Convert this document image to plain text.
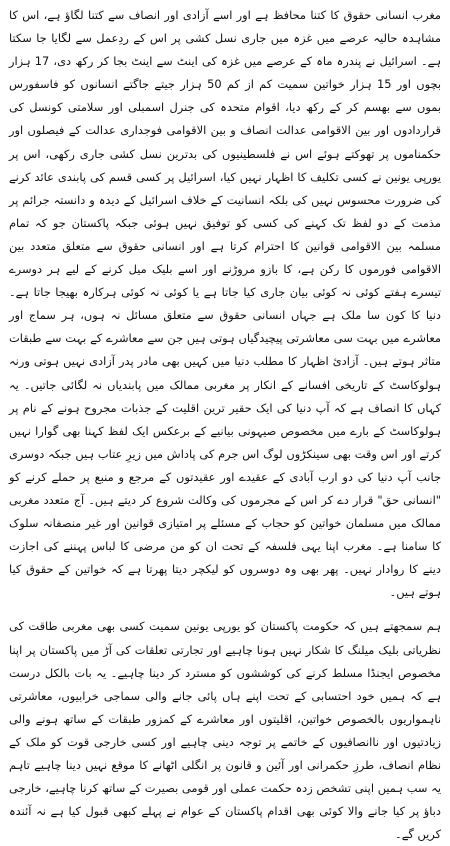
مغرب انسانی حقوق کا کتنا محافظ ہے اور اسے آزادی اور انصاف سے کتنا لگاؤ ہے، اس کا مشاہدہ حالیہ عرصے میں غزہ میں جاری نسل کشی پر اس کے ردِعمل سے لگایا جا سکتا ہے۔ اسرائیل نے پندرہ ماہ کے عرصے میں غزہ کی اینٹ سے اینٹ بجا کر رکھ دی، 17 ہزار بچوں اور 15 ہزار خواتین سمیت کم از کم 50 ہزار جیتے جاگتے انسانوں کو فاسفورس بموں سے بھسم کر کے رکھ دیا، اقوام متحدہ کی جنرل اسمبلی اور سلامتی کونسل کی قراردادوں اور بین الاقوامی عدالت انصاف و بین الاقوامی فوجداری عدالت کے فیصلوں اور حکمناموں پر تھوکتے ہوئے اس نے فلسطینیوں کی بدترین نسل کشی جاری رکھی، اس پر یورپی یونین نے کسی تکلیف کا اظہار نہیں کیا، اسرائیل پر کسی قسم کی پابندی عائد کرنے کی ضرورت محسوس نہیں کی بلکہ انسانیت کے خلاف اسرائیل کے دیدہ و دانستہ جرائم پر مذمت کے دو لفظ تک کہنے کی کسی کو توفیق نہیں ہوئی جبکہ پاکستان جو کہ تمام مسلمہ بین الاقوامی قوانین کا احترام کرتا ہے اور انسانی حقوق سے متعلق متعدد بین الاقوامی فورموں کا رکن ہے، کا بازو مروڑنے اور اسے بلیک میل کرنے کے لیے ہر دوسرے تیسرے ہفتے کوئی نہ کوئی بیان جاری کیا جاتا ہے یا کوئی نہ کوئی ہرکارہ بھیجا جاتا ہے۔ دنیا کا کون سا ملک ہے جہاں انسانی حقوق سے متعلق مسائل نہ ہوں، ہر سماج اور معاشرے میں بہت سی معاشرتی پیچیدگیاں ہوتی ہیں جن سے معاشرے کے بہت سے طبقات متاثر ہوتے ہیں۔ آزادیٔ اظہار کا مطلب دنیا میں کہیں بھی مادر پدر آزادی نہیں ہوتی ورنہ ہولوکاسٹ کے تاریخی افسانے کے انکار پر مغربی ممالک میں پابندیاں نہ لگائی جاتیں۔ یہ کہاں کا انصاف ہے کہ آپ دنیا کی ایک حقیر ترین اقلیت کے جذبات مجروح ہونے کے نام پر ہولوکاسٹ کے بارے میں مخصوص صیہونی بیانیے کے برعکس ایک لفظ کہنا بھی گوارا نہیں کرتے اور اس وقت بھی سینکڑوں لوگ اس جرم کی پاداش میں زیرِ عتاب ہیں جبکہ دوسری جانب آپ دنیا کی دو ارب آبادی کے عقیدے اور عقیدتوں کے مرجع و منبع پر حملے کرنے کو "انسانی حق" قرار دے کر اس کے مجرموں کی وکالت شروع کر دیتے ہیں۔ آج متعدد مغربی ممالک میں مسلمان خواتین کو حجاب کے مسئلے پر امتیازی قوانین اور غیر منصفانہ سلوک کا سامنا ہے۔ مغرب اپنا یہی فلسفہ کے تحت ان کو من مرضی کا لباس پہننے کی اجازت دینے کا روادار نہیں۔ پھر بھی وہ دوسروں کو لیکچر دیتا پھرتا ہے کہ خواتین کے حقوق کیا ہوتے ہیں۔

ہم سمجھتے ہیں کہ حکومت پاکستان کو یورپی یونین سمیت کسی بھی مغربی طاقت کی نظریاتی بلیک میلنگ کا شکار نہیں ہونا چاہیے اور تجارتی تعلقات کی آڑ میں پاکستان پر اپنا مخصوص ایجنڈا مسلط کرنے کی کوششوں کو مسترد کر دینا چاہیے۔ یہ بات بالکل درست ہے کہ ہمیں خود احتسابی کے تحت اپنے ہاں پائی جانے والی سماجی خرابیوں، معاشرتی ناہمواریوں بالخصوص خواتین، اقلیتوں اور معاشرے کے کمزور طبقات کے ساتھ ہونے والی زیادتیوں اور ناانصافیوں کے خاتمے پر توجہ دینی چاہیے اور کسی خارجی قوت کو ملک کے نظام انصاف، طرزِ حکمرانی اور آئین و قانون پر انگلی اٹھانے کا موقع نہیں دینا چاہیے تاہم یہ سب ہمیں اپنی تشخص زدہ حکمت عملی اور قومی بصیرت کے ساتھ کرنا چاہیے، خارجی دباؤ پر کیا جانے والا کوئی بھی اقدام پاکستان کے عوام نے پہلے کبھی قبول کیا ہے نہ آئندہ کریں گے۔
